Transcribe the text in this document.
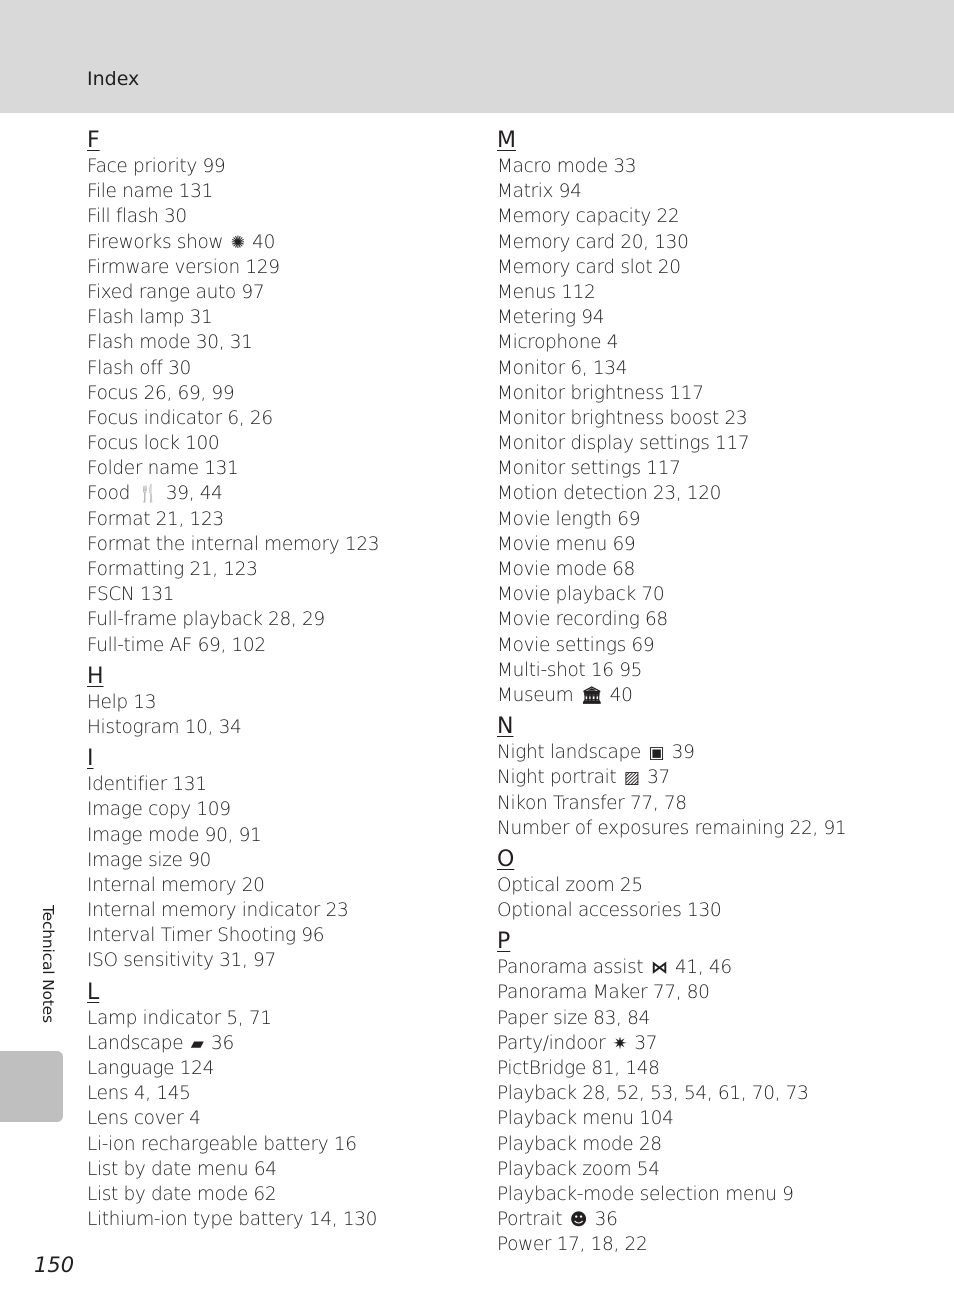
Index
F
Face priority 99
File name 131
Fill flash 30
Fireworks show ✺ 40
Firmware version 129
Fixed range auto 97
Flash lamp 31
Flash mode 30, 31
Flash off 30
Focus 26, 69, 99
Focus indicator 6, 26
Focus lock 100
Folder name 131
Food 🍴 39, 44
Format 21, 123
Format the internal memory 123
Formatting 21, 123
FSCN 131
Full-frame playback 28, 29
Full-time AF 69, 102
H
Help 13
Histogram 10, 34
I
Identifier 131
Image copy 109
Image mode 90, 91
Image size 90
Internal memory 20
Internal memory indicator 23
Interval Timer Shooting 96
ISO sensitivity 31, 97
L
Lamp indicator 5, 71
Landscape ▰ 36
Language 124
Lens 4, 145
Lens cover 4
Li-ion rechargeable battery 16
List by date menu 64
List by date mode 62
Lithium-ion type battery 14, 130
M
Macro mode 33
Matrix 94
Memory capacity 22
Memory card 20, 130
Memory card slot 20
Menus 112
Metering 94
Microphone 4
Monitor 6, 134
Monitor brightness 117
Monitor brightness boost 23
Monitor display settings 117
Monitor settings 117
Motion detection 23, 120
Movie length 69
Movie menu 69
Movie mode 68
Movie playback 70
Movie recording 68
Movie settings 69
Multi-shot 16 95
Museum 🏛 40
N
Night landscape ▣ 39
Night portrait ▨ 37
Nikon Transfer 77, 78
Number of exposures remaining 22, 91
O
Optical zoom 25
Optional accessories 130
P
Panorama assist ⋈ 41, 46
Panorama Maker 77, 80
Paper size 83, 84
Party/indoor ✷ 37
PictBridge 81, 148
Playback 28, 52, 53, 54, 61, 70, 73
Playback menu 104
Playback mode 28
Playback zoom 54
Playback-mode selection menu 9
Portrait ☻ 36
Power 17, 18, 22
Technical Notes
150
